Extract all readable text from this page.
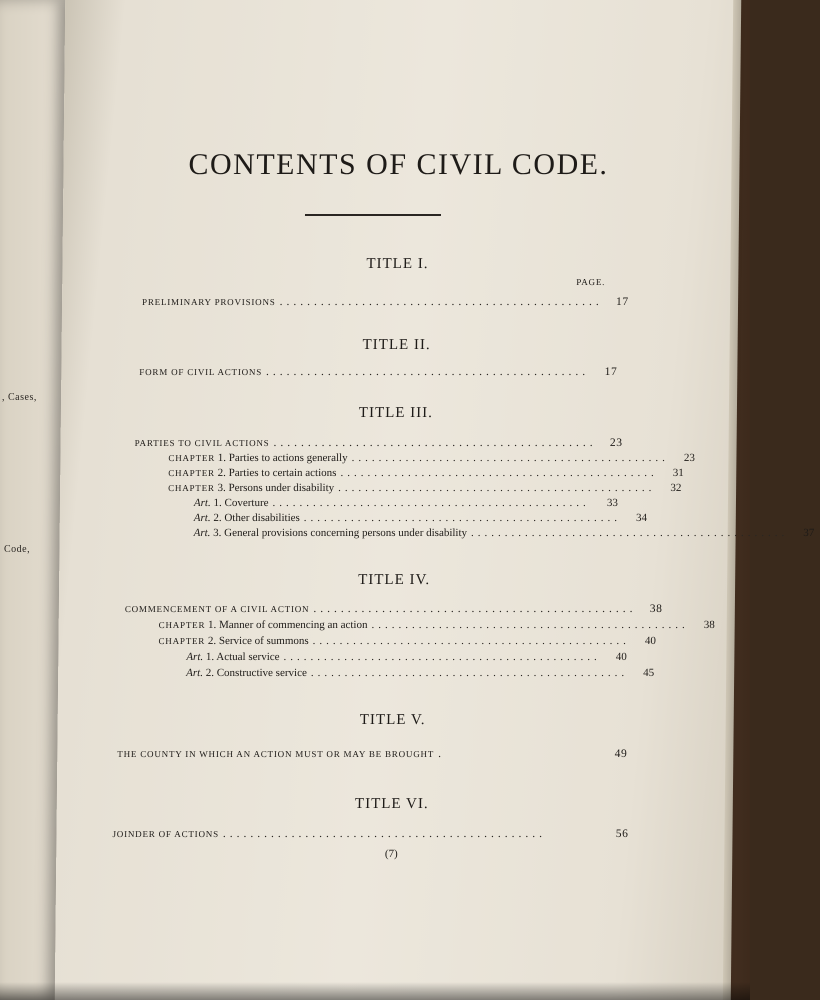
, Cases,
Code,
CONTENTS OF CIVIL CODE.
TITLE I.
PAGE.
PRELIMINARY PROVISIONS ...............................................	17
TITLE II.
FORM OF CIVIL ACTIONS ...............................................	17
TITLE III.
PARTIES TO CIVIL ACTIONS ...............................................	23
CHAPTER 1. Parties to actions generally ...............................................	23
CHAPTER 2. Parties to certain actions ...............................................	31
CHAPTER 3. Persons under disability ...............................................	32
Art. 1. Coverture ...............................................	33
Art. 2. Other disabilities ...............................................	34
Art. 3. General provisions concerning persons under disability ...............................................	37
TITLE IV.
COMMENCEMENT OF A CIVIL ACTION ...............................................	38
CHAPTER 1. Manner of commencing an action ...............................................	38
CHAPTER 2. Service of summons ...............................................	40
Art. 1. Actual service ...............................................	40
Art. 2. Constructive service ...............................................	45
TITLE V.
THE COUNTY IN WHICH AN ACTION MUST OR MAY BE BROUGHT .	49
TITLE VI.
JOINDER OF ACTIONS ...............................................	56
(7)
